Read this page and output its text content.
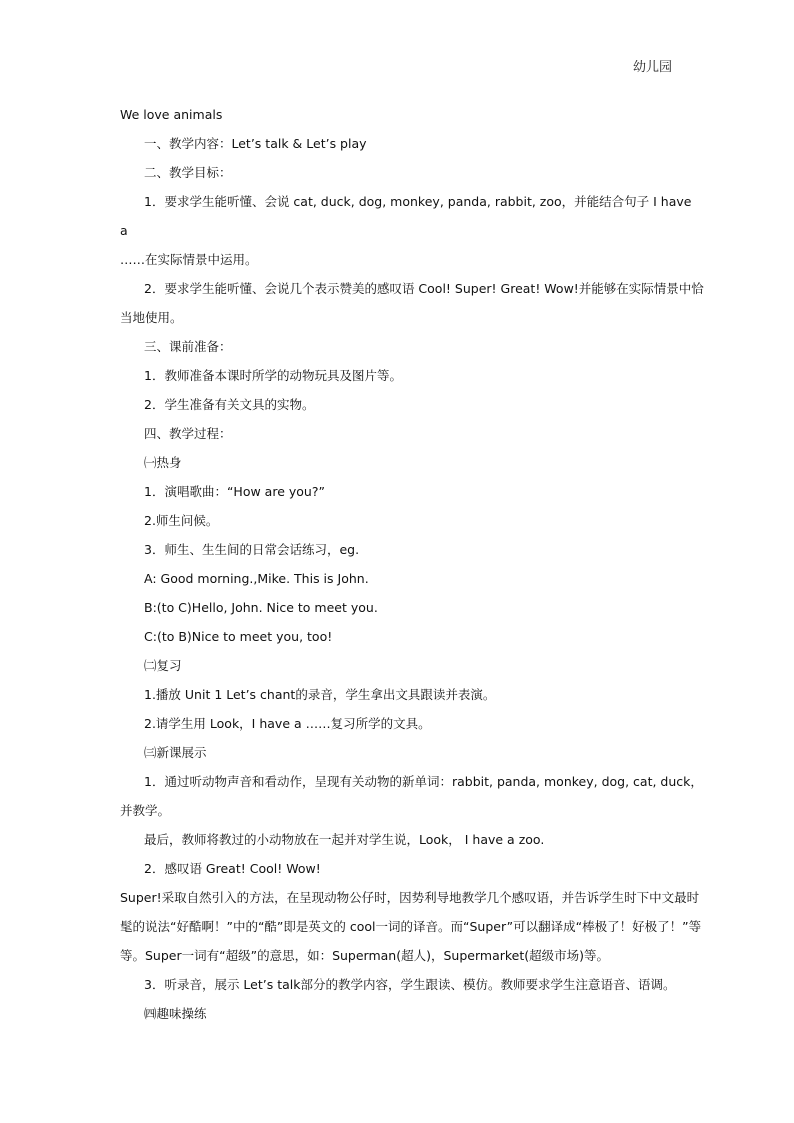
幼儿园
We love animals
一、教学内容：Let’s talk & Let’s play
二、教学目标：
1．要求学生能听懂、会说 cat, duck, dog, monkey, panda, rabbit, zoo，并能结合句子 I have
a
……在实际情景中运用。
2．要求学生能听懂、会说几个表示赞美的感叹语 Cool! Super! Great! Wow!并能够在实际情景中恰
当地使用。
三、课前准备：
1．教师准备本课时所学的动物玩具及图片等。
2．学生准备有关文具的实物。
四、教学过程：
㈠热身
1．演唱歌曲：“How are you?”
2.师生问候。
3．师生、生生间的日常会话练习，eg.
A: Good morning.,Mike. This is John.
B:(to C)Hello, John. Nice to meet you.
C:(to B)Nice to meet you, too!
㈡复习
1.播放 Unit 1 Let’s chant的录音，学生拿出文具跟读并表演。
2.请学生用 Look，I have a ……复习所学的文具。
㈢新课展示
1．通过听动物声音和看动作，呈现有关动物的新单词：rabbit, panda, monkey, dog, cat, duck，
并教学。
最后，教师将教过的小动物放在一起并对学生说，Look， I have a zoo.
2．感叹语 Great! Cool! Wow!
Super!采取自然引入的方法，在呈现动物公仔时，因势利导地教学几个感叹语，并告诉学生时下中文最时
髦的说法“好酷啊！”中的“酷”即是英文的 cool一词的译音。而“Super”可以翻译成“棒极了！好极了！”等
等。Super一词有“超级”的意思，如：Superman(超人)，Supermarket(超级市场)等。
3．听录音，展示 Let’s talk部分的教学内容，学生跟读、模仿。教师要求学生注意语音、语调。
㈣趣味操练
